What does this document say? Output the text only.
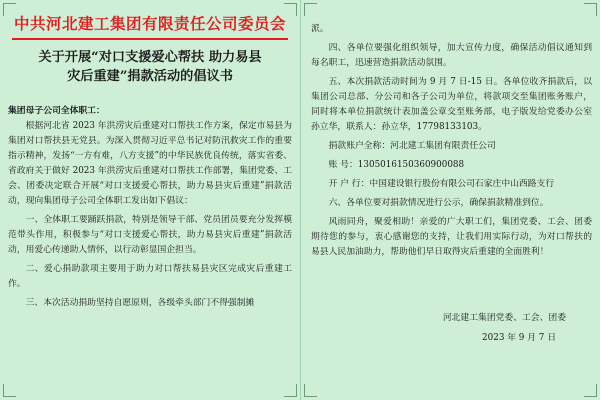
中共河北建工集团有限责任公司委员会
关于开展“对口支援爱心帮扶 助力易县
灾后重建”捐款活动的倡议书
集团母子公司全体职工：

根据河北省 2023 年洪涝灾后重建对口帮扶工作方案，保定市易县为集团对口帮扶县无党县。为深入贯彻习近平总书记对防汛救灾工作的重要指示精神，发扬“一方有难，八方支援”的中华民族优良传统，落实省委、省政府关于做好 2023 年洪涝灾后重建对口帮扶工作部署，集团党委、工会、团委决定联合开展“对口支援爱心帮扶，助力易县灾后重建”捐款活动，现向集团母子公司全体职工发出如下倡议：

一、全体职工要踊跃捐款，特别是领导干部、党员团员要充分发挥模范带头作用，积极参与“对口支援爱心帮扶，助力易县灾后重建”捐款活动，用爱心传递助人情怀，以行动彰显国企担当。

二、爱心捐助款项主要用于助力对口帮扶易县灾区完成灾后重建工作。

三、本次活动捐助坚持自愿原则，各级牵头部门不得强制摊

派。

四、各单位要强化组织领导，加大宣传力度，确保活动倡议通知到每名职工，迅速营造捐款活动氛围。

五、本次捐款活动时间为 9 月 7 日-15 日。各单位收齐捐款后，以集团公司总部、分公司和各子公司为单位，将款项交至集团账务账户，同时将本单位捐款统计表加盖公章交至账务部，电子版发给党委办公室孙立华，联系人：孙立华，17798133103。

捐款账户全称：河北建工集团有限责任公司

账 号：1305016150360900088

开 户 行：中国建设银行股份有限公司石家庄中山西路支行

六、各单位要对捐款情况进行公示，确保捐款精准到位。

风雨同舟，聚爱相助！亲爱的广大职工们，集团党委、工会、团委期待您的参与，衷心感谢您的支持，让我们用实际行动，为对口帮扶的易县人民加油助力，帮助他们早日取得灾后重建的全面胜利！

河北建工集团党委、工会、团委
2023 年 9 月 7 日
